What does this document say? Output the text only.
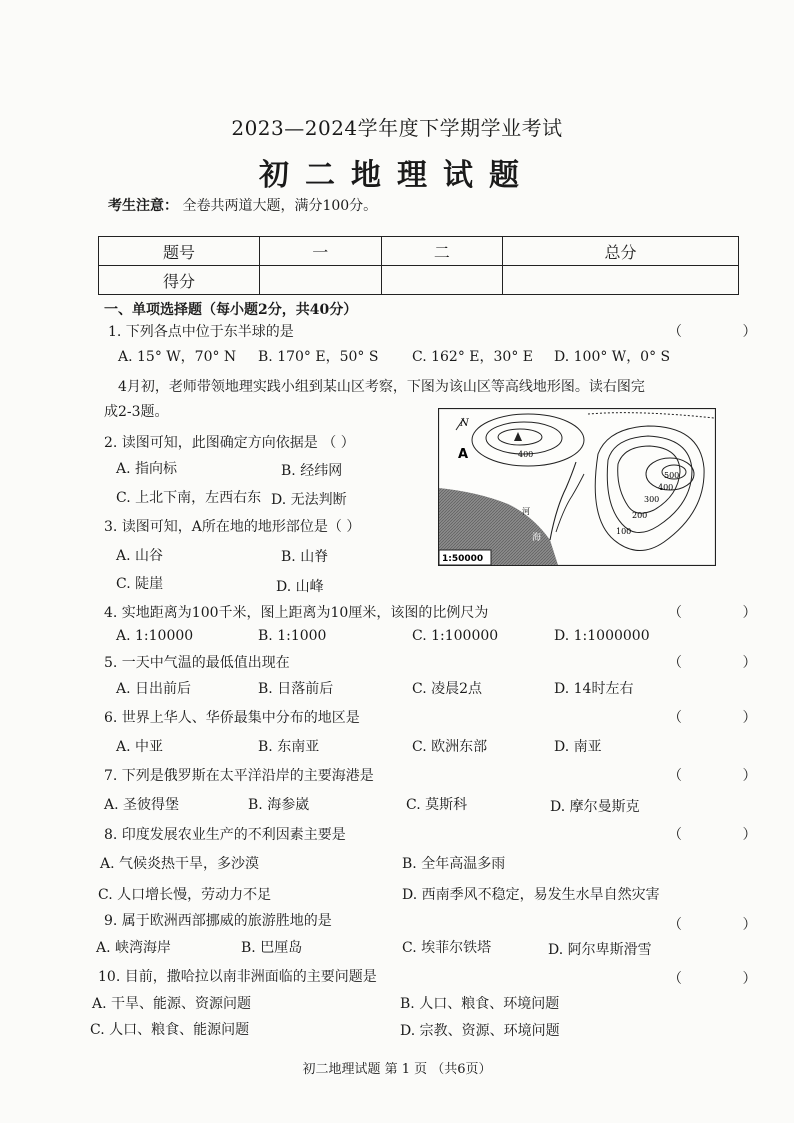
2023—2024学年度下学期学业考试
初二地理试题
考生注意： 全卷共两道大题，满分100分。
题号	一	二	总分
得分			
一、单项选择题（每小题2分，共40分）
1. 下列各点中位于东半球的是	（ ）
A. 15° W，70° N B. 170° E，50° S C. 162° E，30° E D. 100° W，0° S
4月初，老师带领地理实践小组到某山区考察，下图为该山区等高线地形图。读右图完
成2-3题。
2. 读图可知，此图确定方向依据是 （ ）
A. 指向标	B. 经纬网
C. 上北下南，左西右东 D. 无法判断
3. 读图可知，A所在地的地形部位是（ ）
A. 山谷	B. 山脊
C. 陡崖	D. 山峰
N
A	400
500
400
300
200
100
海
河
1:50000
4. 实地距离为100千米，图上距离为10厘米，该图的比例尺为	（ ）
A. 1:10000	B. 1:1000	C. 1:100000	D. 1:1000000
5. 一天中气温的最低值出现在	（ ）
A. 日出前后	B. 日落前后	C. 凌晨2点	D. 14时左右
6. 世界上华人、华侨最集中分布的地区是	（ ）
A. 中亚	B. 东南亚	C. 欧洲东部	D. 南亚
7. 下列是俄罗斯在太平洋沿岸的主要海港是	（ ）
A. 圣彼得堡	B. 海参崴	C. 莫斯科	D. 摩尔曼斯克
8. 印度发展农业生产的不利因素主要是	（ ）
A. 气候炎热干旱，多沙漠	B. 全年高温多雨
C. 人口增长慢，劳动力不足	D. 西南季风不稳定，易发生水旱自然灾害
9. 属于欧洲西部挪威的旅游胜地的是	（ ）
A. 峡湾海岸	B. 巴厘岛	C. 埃菲尔铁塔	D. 阿尔卑斯滑雪
10. 目前，撒哈拉以南非洲面临的主要问题是	（ ）
A. 干旱、能源、资源问题	B. 人口、粮食、环境问题
C. 人口、粮食、能源问题	D. 宗教、资源、环境问题
初二地理试题 第 1 页 （共6页）
